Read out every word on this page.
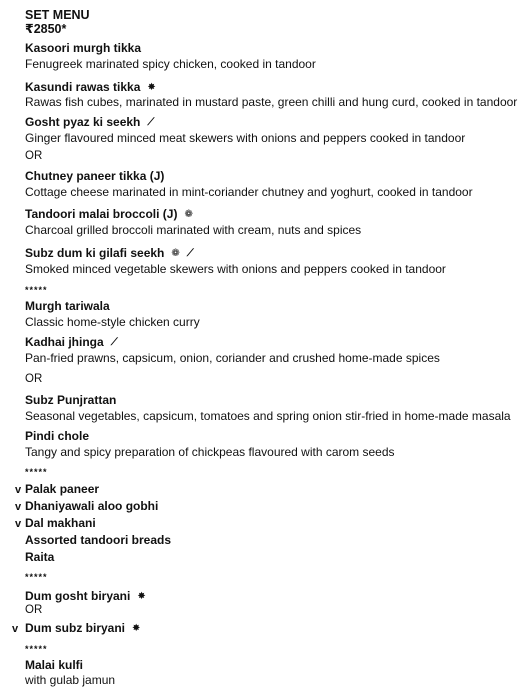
SET MENU
₹2850*
Kasoori murgh tikka
Fenugreek marinated spicy chicken, cooked in tandoor
Kasundi rawas tikka ✸
Rawas fish cubes, marinated in mustard paste, green chilli and hung curd, cooked in tandoor
Gosht pyaz ki seekh ⟋
Ginger flavoured minced meat skewers with onions and peppers cooked in tandoor
OR
Chutney paneer tikka (J)
Cottage cheese marinated in mint-coriander chutney and yoghurt, cooked in tandoor
Tandoori malai broccoli (J) ❁
Charcoal grilled broccoli marinated with cream, nuts and spices
Subz dum ki gilafi seekh ❁ ⟋
Smoked minced vegetable skewers with onions and peppers cooked in tandoor
*****
Murgh tariwala
Classic home-style chicken curry
Kadhai jhinga ⟋
Pan-fried prawns, capsicum, onion, coriander and crushed home-made spices
OR
Subz Punjrattan
Seasonal vegetables, capsicum, tomatoes and spring onion stir-fried in home-made masala
Pindi chole
Tangy and spicy preparation of chickpeas flavoured with carom seeds
*****
v Palak paneer
v Dhaniyawali aloo gobhi
v Dal makhani
Assorted tandoori breads
Raita
*****
Dum gosht biryani ✸
OR
v Dum subz biryani ✸
*****
Malai kulfi
with gulab jamun
